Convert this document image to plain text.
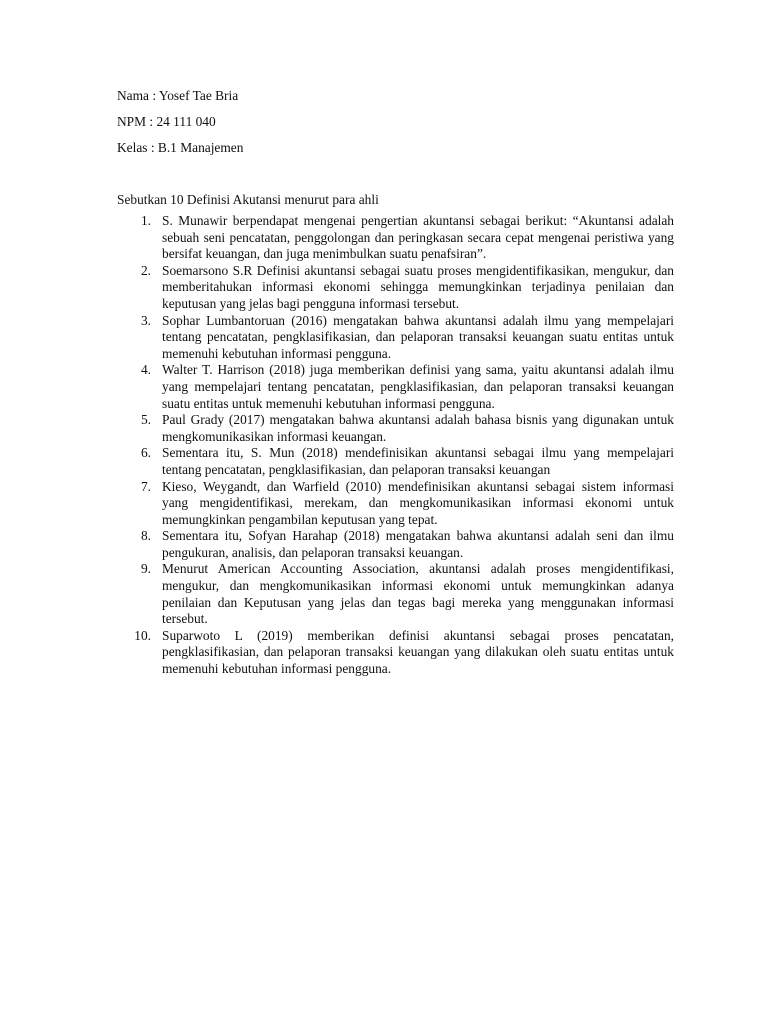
Nama : Yosef Tae Bria

NPM : 24 111 040

Kelas : B.1 Manajemen

Sebutkan 10 Definisi Akutansi menurut para ahli

1. S. Munawir berpendapat mengenai pengertian akuntansi sebagai berikut: “Akuntansi adalah sebuah seni pencatatan, penggolongan dan peringkasan secara cepat mengenai peristiwa yang bersifat keuangan, dan juga menimbulkan suatu penafsiran”.
2. Soemarsono S.R Definisi akuntansi sebagai suatu proses mengidentifikasikan, mengukur, dan memberitahukan informasi ekonomi sehingga memungkinkan terjadinya penilaian dan keputusan yang jelas bagi pengguna informasi tersebut.
3. Sophar Lumbantoruan (2016) mengatakan bahwa akuntansi adalah ilmu yang mempelajari tentang pencatatan, pengklasifikasian, dan pelaporan transaksi keuangan suatu entitas untuk memenuhi kebutuhan informasi pengguna.
4. Walter T. Harrison (2018) juga memberikan definisi yang sama, yaitu akuntansi adalah ilmu yang mempelajari tentang pencatatan, pengklasifikasian, dan pelaporan transaksi keuangan suatu entitas untuk memenuhi kebutuhan informasi pengguna.
5. Paul Grady (2017) mengatakan bahwa akuntansi adalah bahasa bisnis yang digunakan untuk mengkomunikasikan informasi keuangan.
6. Sementara itu, S. Mun (2018) mendefinisikan akuntansi sebagai ilmu yang mempelajari tentang pencatatan, pengklasifikasian, dan pelaporan transaksi keuangan
7. Kieso, Weygandt, dan Warfield (2010) mendefinisikan akuntansi sebagai sistem informasi yang mengidentifikasi, merekam, dan mengkomunikasikan informasi ekonomi untuk memungkinkan pengambilan keputusan yang tepat.
8. Sementara itu, Sofyan Harahap (2018) mengatakan bahwa akuntansi adalah seni dan ilmu pengukuran, analisis, dan pelaporan transaksi keuangan.
9. Menurut American Accounting Association, akuntansi adalah proses mengidentifikasi, mengukur, dan mengkomunikasikan informasi ekonomi untuk memungkinkan adanya penilaian dan Keputusan yang jelas dan tegas bagi mereka yang menggunakan informasi tersebut.
10. Suparwoto L (2019) memberikan definisi akuntansi sebagai proses pencatatan, pengklasifikasian, dan pelaporan transaksi keuangan yang dilakukan oleh suatu entitas untuk memenuhi kebutuhan informasi pengguna.
